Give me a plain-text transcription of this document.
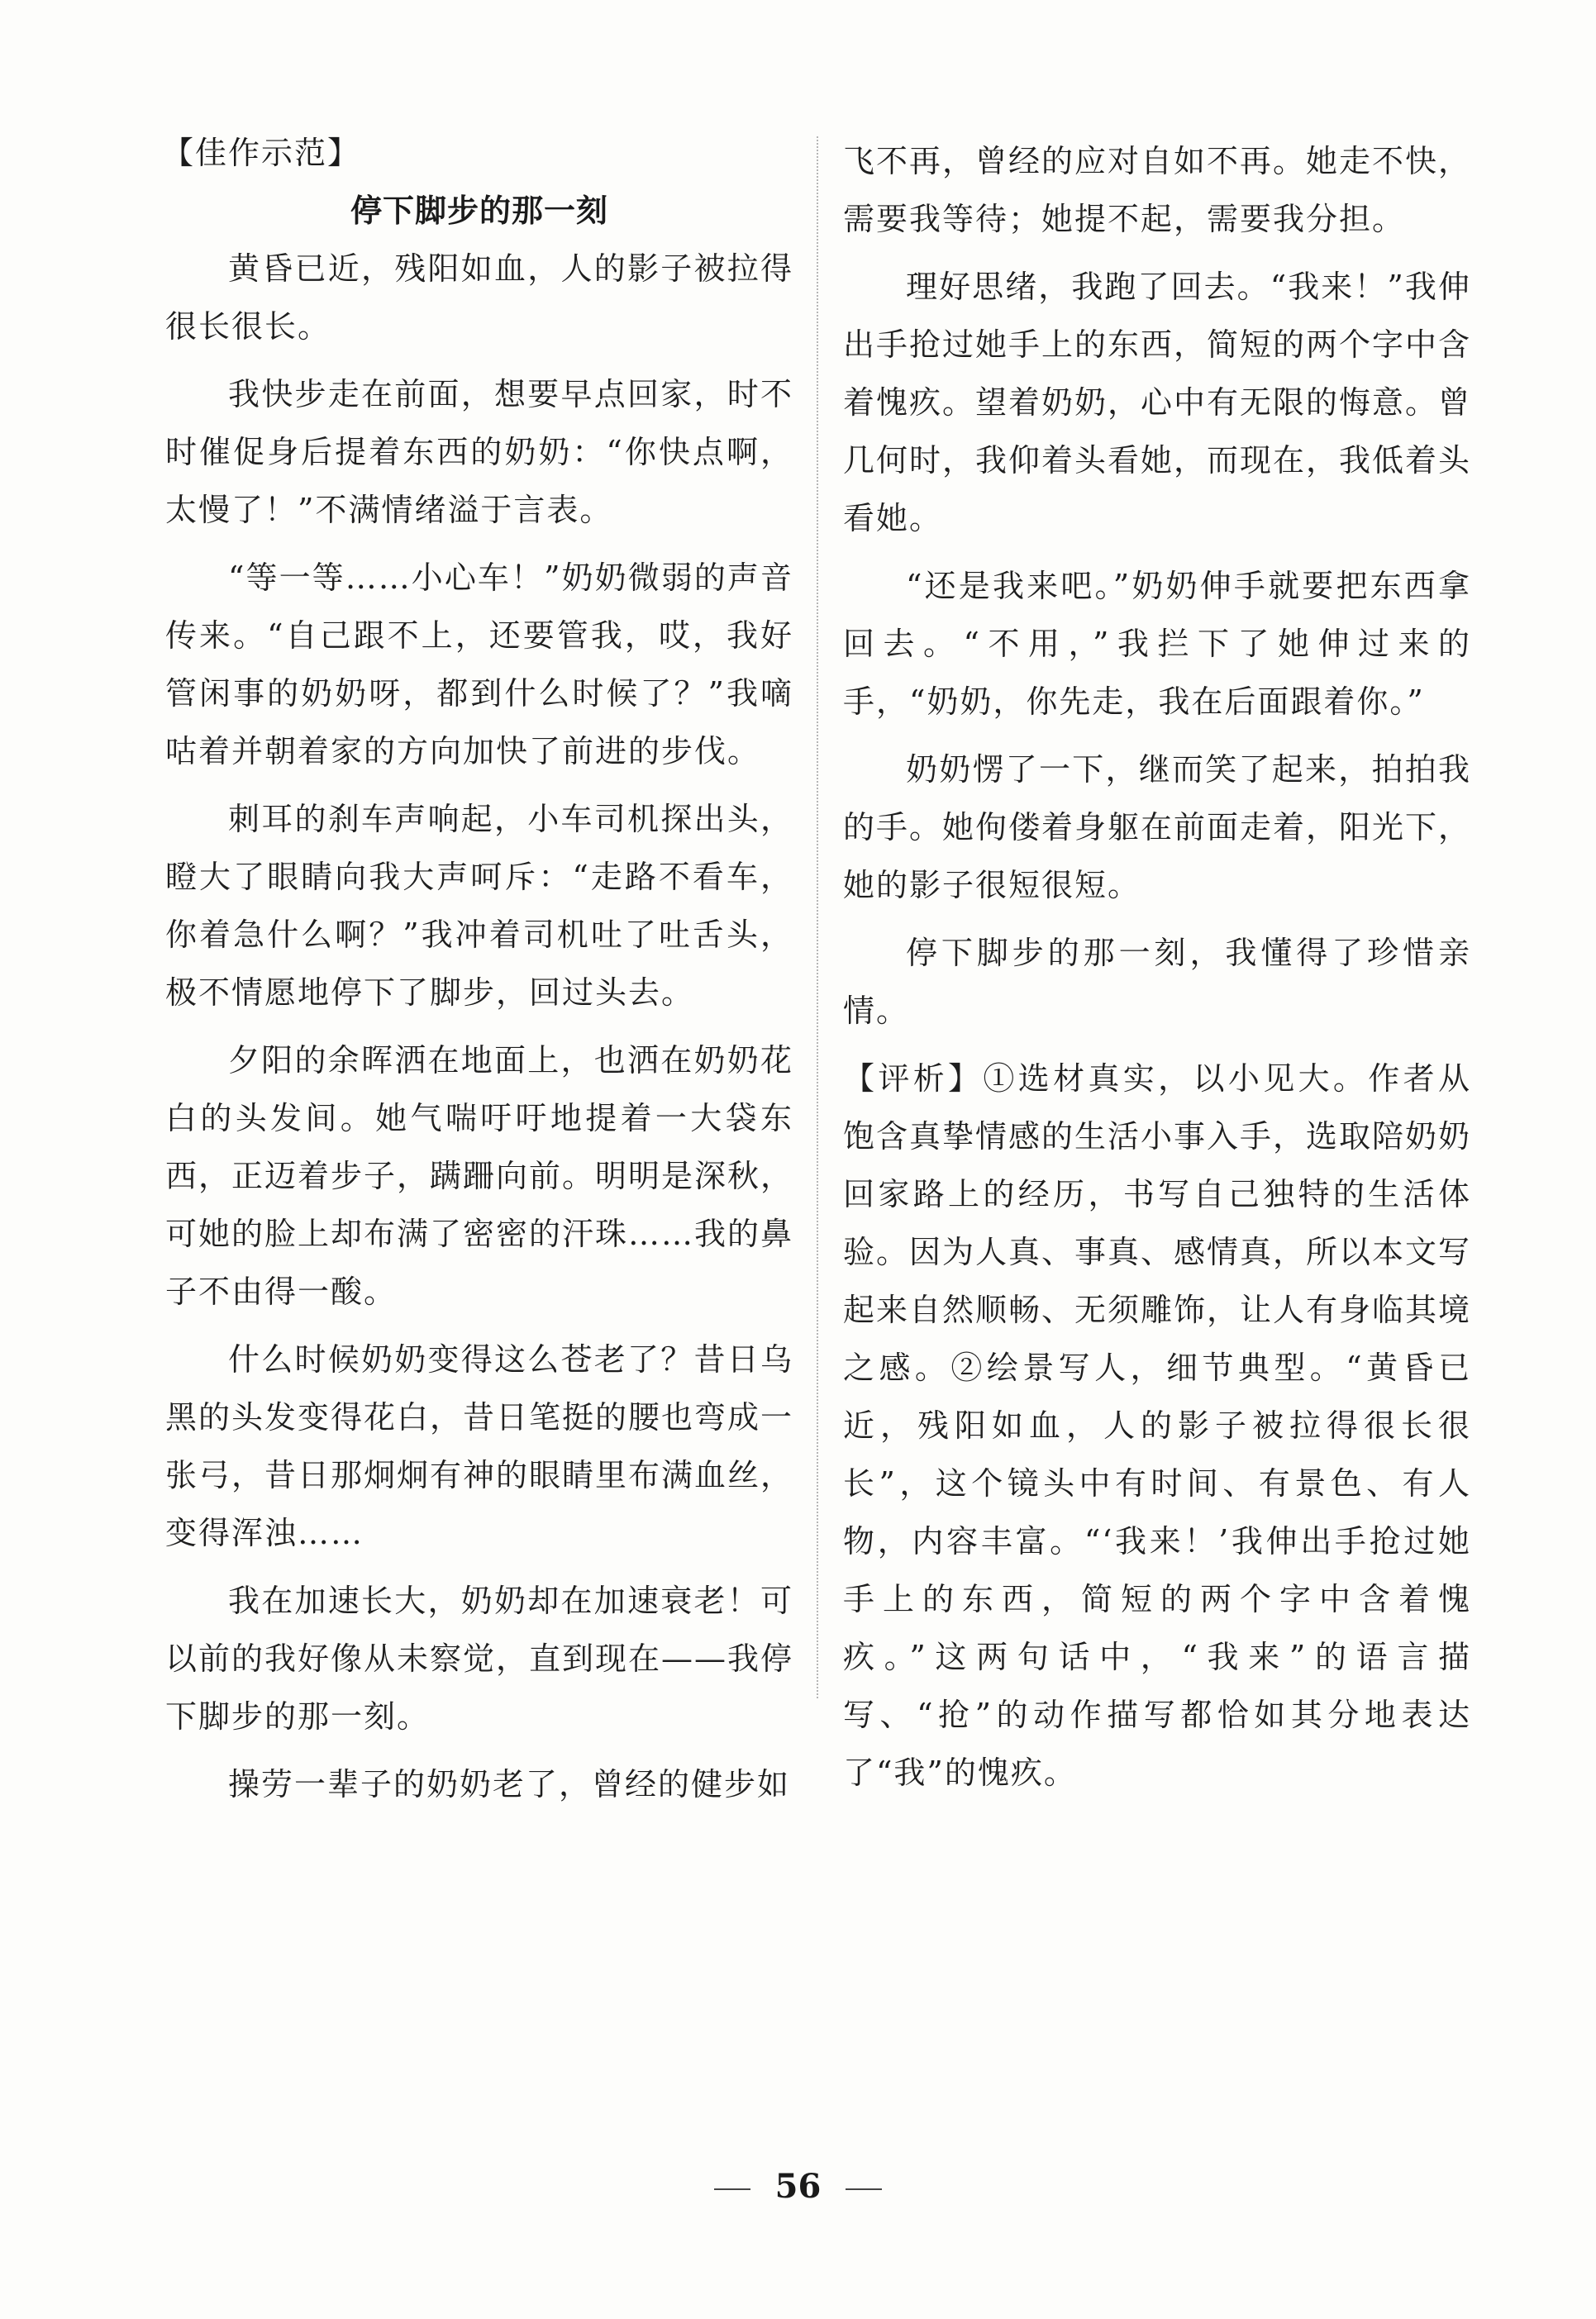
【佳作示范】
停下脚步的那一刻

黄昏已近，残阳如血，人的影子被拉得很长很长。

我快步走在前面，想要早点回家，时不时催促身后提着东西的奶奶：“你快点啊，太慢了！”不满情绪溢于言表。

“等一等……小心车！”奶奶微弱的声音传来。“自己跟不上，还要管我，哎，我好管闲事的奶奶呀，都到什么时候了？”我嘀咕着并朝着家的方向加快了前进的步伐。

刺耳的刹车声响起，小车司机探出头，瞪大了眼睛向我大声呵斥：“走路不看车，你着急什么啊？”我冲着司机吐了吐舌头，极不情愿地停下了脚步，回过头去。

夕阳的余晖洒在地面上，也洒在奶奶花白的头发间。她气喘吁吁地提着一大袋东西，正迈着步子，蹒跚向前。明明是深秋，可她的脸上却布满了密密的汗珠……我的鼻子不由得一酸。

什么时候奶奶变得这么苍老了？昔日乌黑的头发变得花白，昔日笔挺的腰也弯成一张弓，昔日那炯炯有神的眼睛里布满血丝，变得浑浊……

我在加速长大，奶奶却在加速衰老！可以前的我好像从未察觉，直到现在——我停下脚步的那一刻。

操劳一辈子的奶奶老了，曾经的健步如

飞不再，曾经的应对自如不再。她走不快，需要我等待；她提不起，需要我分担。

理好思绪，我跑了回去。“我来！”我伸出手抢过她手上的东西，简短的两个字中含着愧疚。望着奶奶，心中有无限的悔意。曾几何时，我仰着头看她，而现在，我低着头看她。

“还是我来吧。”奶奶伸手就要把东西拿回去。“不用，”我拦下了她伸过来的手，“奶奶，你先走，我在后面跟着你。”

奶奶愣了一下，继而笑了起来，拍拍我的手。她佝偻着身躯在前面走着，阳光下，她的影子很短很短。

停下脚步的那一刻，我懂得了珍惜亲情。

【评析】①选材真实，以小见大。作者从饱含真挚情感的生活小事入手，选取陪奶奶回家路上的经历，书写自己独特的生活体验。因为人真、事真、感情真，所以本文写起来自然顺畅、无须雕饰，让人有身临其境之感。②绘景写人，细节典型。“黄昏已近，残阳如血，人的影子被拉得很长很长”，这个镜头中有时间、有景色、有人物，内容丰富。“‘我来！’我伸出手抢过她手上的东西，简短的两个字中含着愧疚。”这两句话中，“我来”的语言描写、“抢”的动作描写都恰如其分地表达了“我”的愧疚。

56
